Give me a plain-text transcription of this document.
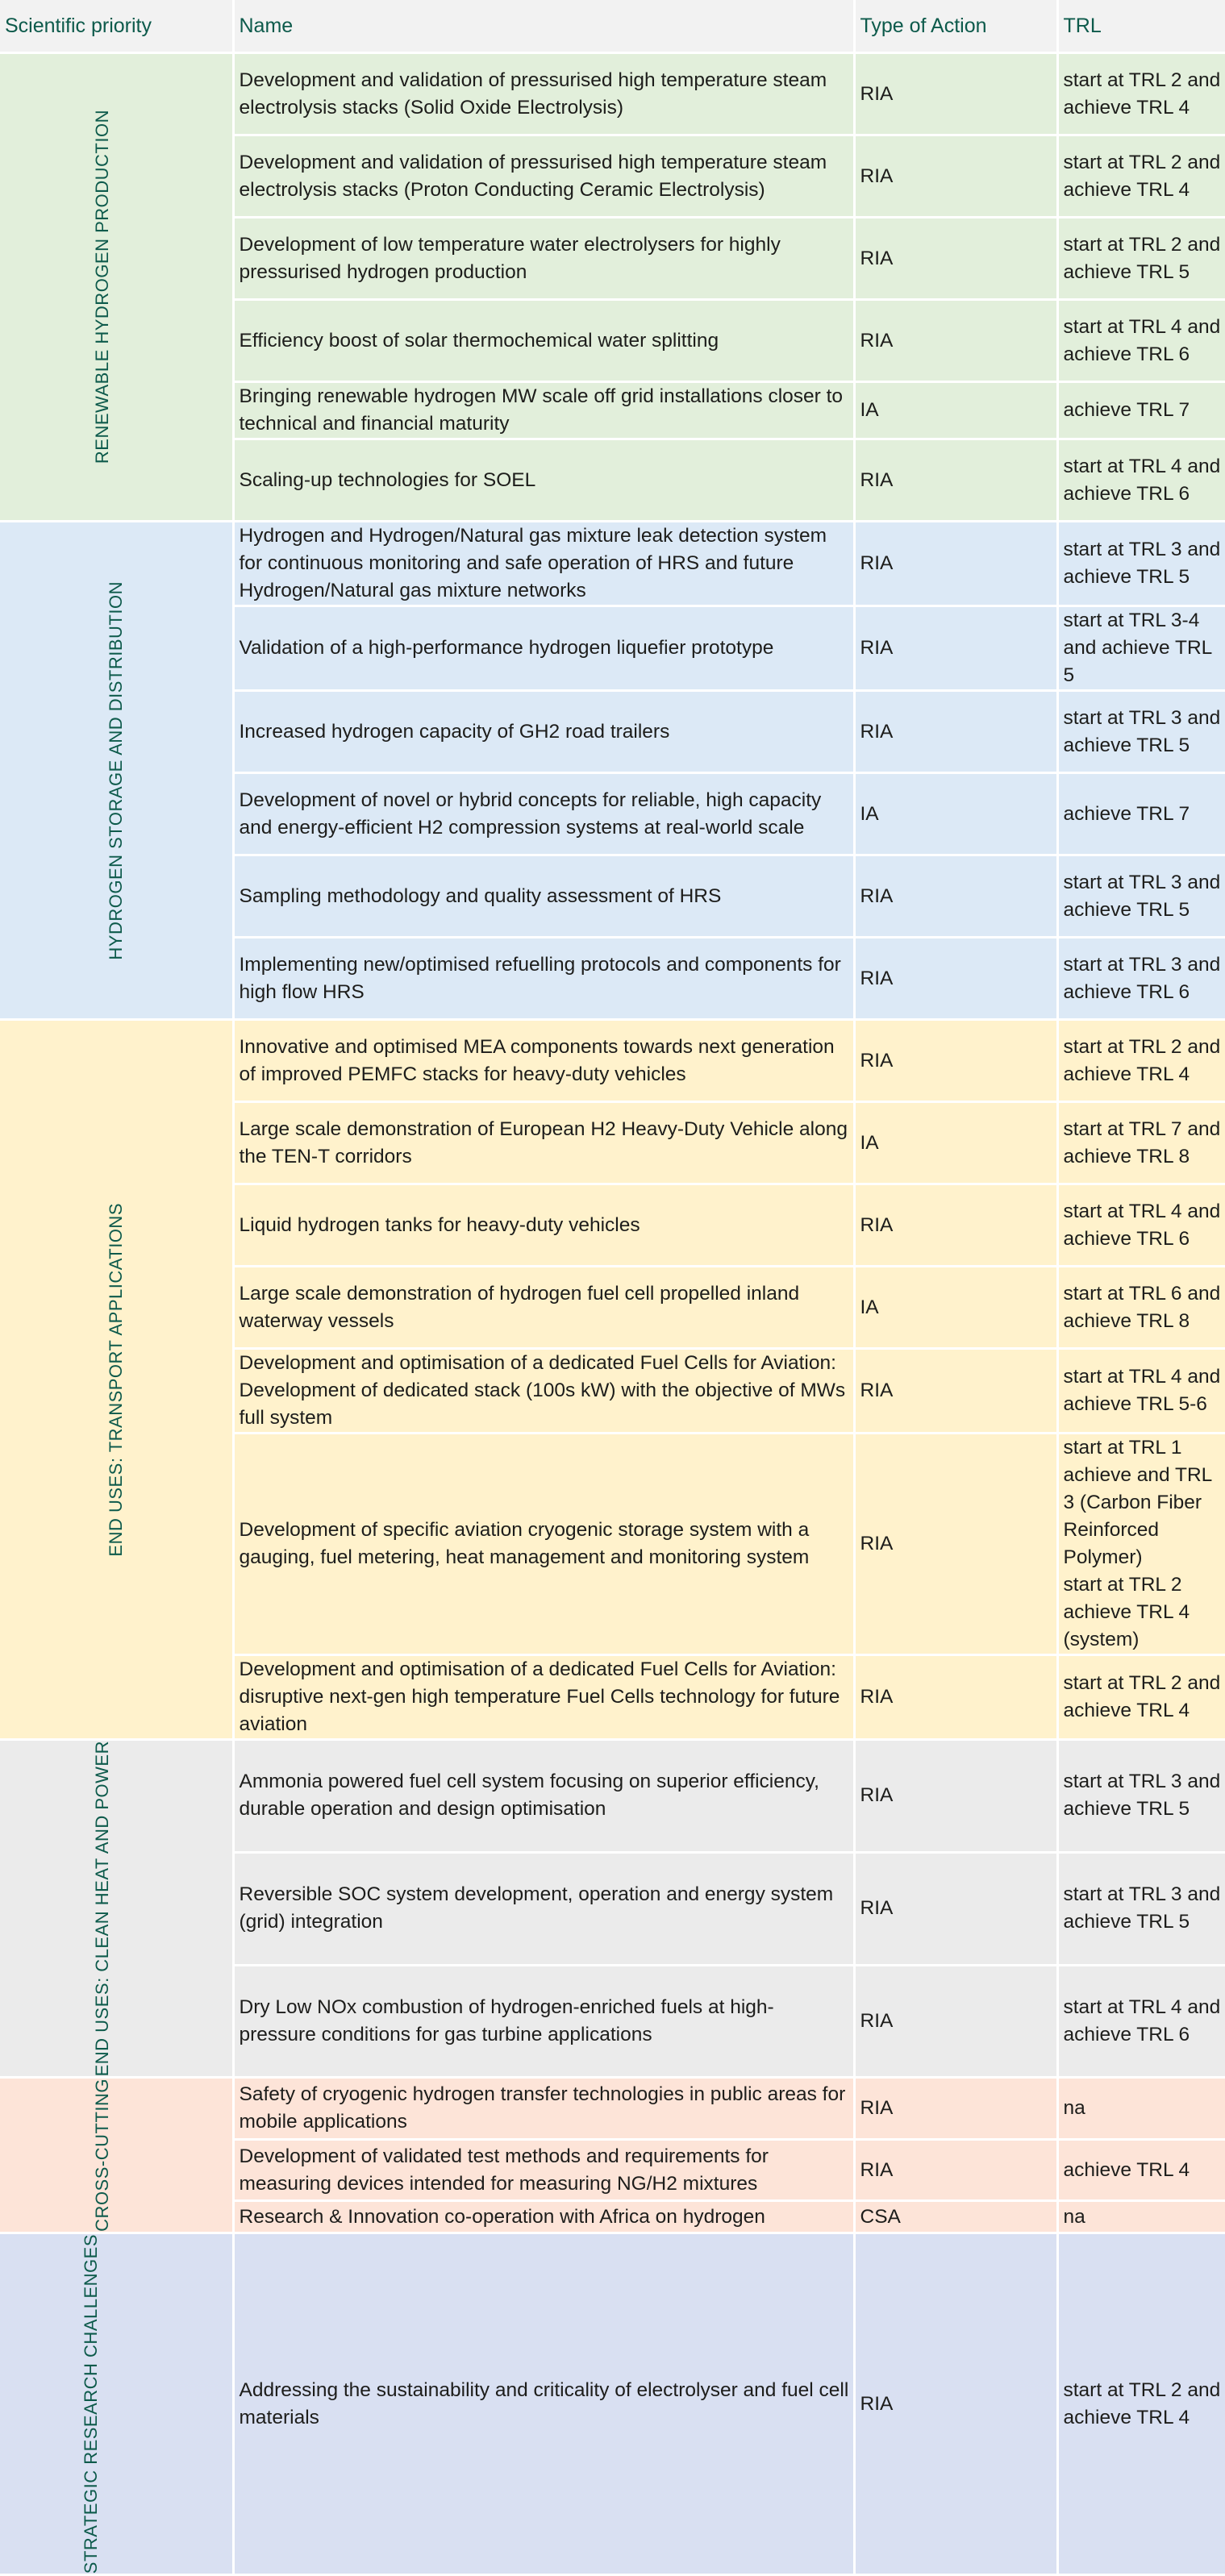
Scientific priority	Name	Type of Action	TRL

RENEWABLE HYDROGEN PRODUCTION	Development and validation of pressurised high temperature steam electrolysis stacks (Solid Oxide Electrolysis)	RIA	start at TRL 2 and achieve TRL 4
	Development and validation of pressurised high temperature steam electrolysis stacks (Proton Conducting Ceramic Electrolysis)	RIA	start at TRL 2 and achieve TRL 4
	Development of low temperature water electrolysers for highly pressurised hydrogen production	RIA	start at TRL 2 and achieve TRL 5
	Efficiency boost of solar thermochemical water splitting	RIA	start at TRL 4 and achieve TRL 6
	Bringing renewable hydrogen MW scale off grid installations closer to technical and financial maturity	IA	achieve TRL 7
	Scaling-up technologies for SOEL	RIA	start at TRL 4 and achieve TRL 6

HYDROGEN STORAGE AND DISTRIBUTION	Hydrogen and Hydrogen/Natural gas mixture leak detection system for continuous monitoring and safe operation of HRS and future Hydrogen/Natural gas mixture networks	RIA	start at TRL 3 and achieve TRL 5
	Validation of a high-performance hydrogen liquefier prototype	RIA	start at TRL 3-4 and achieve TRL 5
	Increased hydrogen capacity of GH2 road trailers	RIA	start at TRL 3 and achieve TRL 5
	Development of novel or hybrid concepts for reliable, high capacity and energy-efficient H2 compression systems at real-world scale	IA	achieve TRL 7
	Sampling methodology and quality assessment of HRS	RIA	start at TRL 3 and achieve TRL 5
	Implementing new/optimised refuelling protocols and components for high flow HRS	RIA	start at TRL 3 and achieve TRL 6

END USES: TRANSPORT APPLICATIONS	Innovative and optimised MEA components towards next generation of improved PEMFC stacks for heavy-duty vehicles	RIA	start at TRL 2 and achieve TRL 4
	Large scale demonstration of European H2 Heavy-Duty Vehicle along the TEN-T corridors	IA	start at TRL 7 and achieve TRL 8
	Liquid hydrogen tanks for heavy-duty vehicles	RIA	start at TRL 4 and achieve TRL 6
	Large scale demonstration of hydrogen fuel cell propelled inland waterway vessels	IA	start at TRL 6 and achieve TRL 8
	Development and optimisation of a dedicated Fuel Cells for Aviation: Development of dedicated stack (100s kW) with the objective of MWs full system	RIA	start at TRL 4 and achieve TRL 5-6
	Development of specific aviation cryogenic storage system with a gauging, fuel metering, heat management and monitoring system	RIA	start at TRL 1 achieve and TRL 3 (Carbon Fiber Reinforced Polymer)
start at TRL 2 achieve TRL 4 (system)

	Development and optimisation of a dedicated Fuel Cells for Aviation: disruptive next-gen high temperature Fuel Cells technology for future aviation	RIA	start at TRL 2 and achieve TRL 4

END USES: CLEAN HEAT AND POWER	Ammonia powered fuel cell system focusing on superior efficiency, durable operation and design optimisation	RIA	start at TRL 3 and achieve TRL 5
	Reversible SOC system development, operation and energy system (grid) integration	RIA	start at TRL 3 and achieve TRL 5
	Dry Low NOx combustion of hydrogen-enriched fuels at high-pressure conditions for gas turbine applications	RIA	start at TRL 4 and achieve TRL 6

CROSS-CUTTING	Safety of cryogenic hydrogen transfer technologies in public areas for mobile applications	RIA	na
	Development of validated test methods and requirements for measuring devices intended for measuring NG/H2 mixtures	RIA	achieve TRL 4
	Research & Innovation co-operation with Africa on hydrogen	CSA	na

STRATEGIC RESEARCH CHALLENGES	Addressing the sustainability and criticality of electrolyser and fuel cell materials	RIA	start at TRL 2 and achieve TRL 4
